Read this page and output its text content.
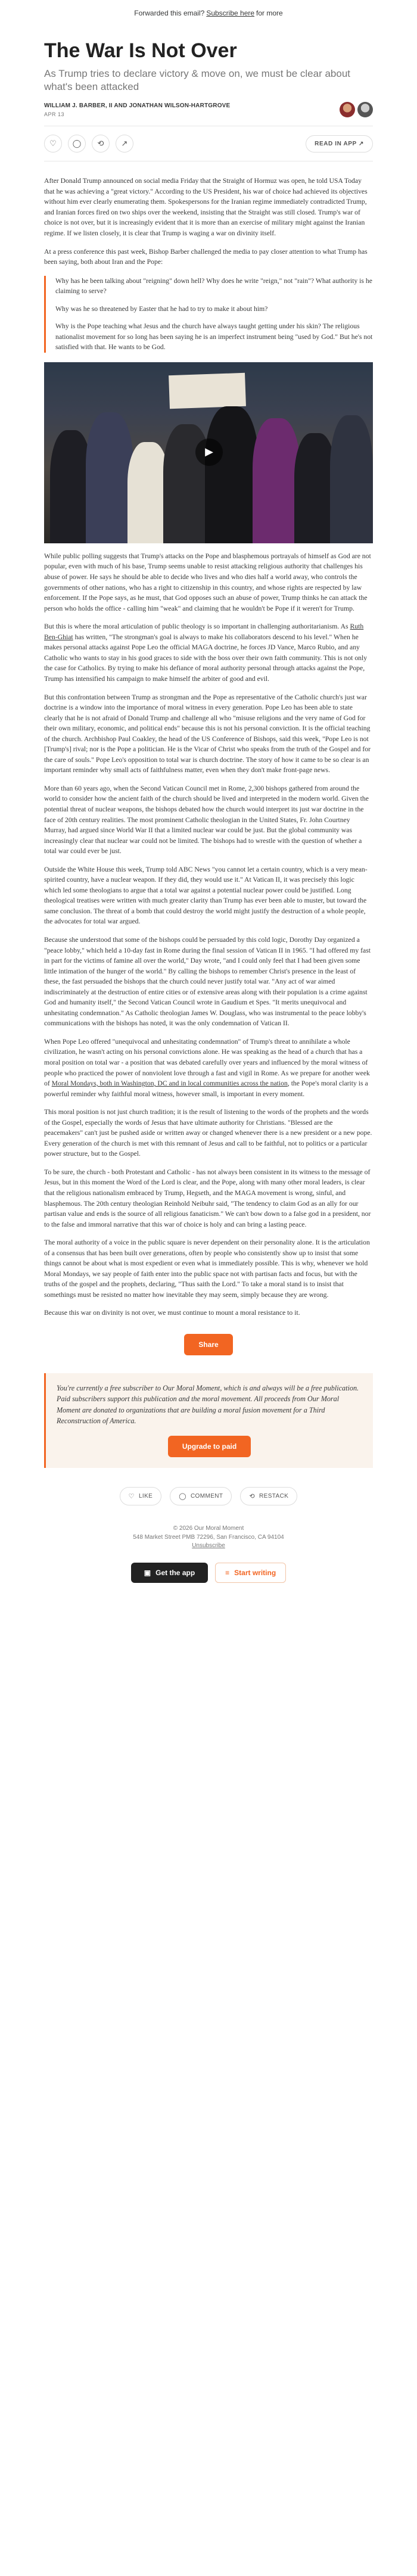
Forwarded this email? Subscribe here for more
The War Is Not Over
As Trump tries to declare victory & move on, we must be clear about what's been attacked
WILLIAM J. BARBER, II AND JONATHAN WILSON-HARTGROVE
APR 13
♡ ◯ ⟲ ↗	READ IN APP ↗

After Donald Trump announced on social media Friday that the Straight of Hormuz was open, he told USA Today that he was achieving a "great victory." According to the US President, his war of choice had achieved its objectives without him ever clearly enumerating them. Spokespersons for the Iranian regime immediately contradicted Trump, and Iranian forces fired on two ships over the weekend, insisting that the Straight was still closed. Trump's war of choice is not over, but it is increasingly evident that it is more than an exercise of military might against the Iranian regime. If we listen closely, it is clear that Trump is waging a war on divinity itself.

At a press conference this past week, Bishop Barber challenged the media to pay closer attention to what Trump has been saying, both about Iran and the Pope:

Why has he been talking about "reigning" down hell? Why does he write "reign," not "rain"? What authority is he claiming to serve?

Why was he so threatened by Easter that he had to try to make it about him?

Why is the Pope teaching what Jesus and the church have always taught getting under his skin? The religious nationalist movement for so long has been saying he is an imperfect instrument being "used by God." But he's not satisfied with that. He wants to be God.

▶

While public polling suggests that Trump's attacks on the Pope and blasphemous portrayals of himself as God are not popular, even with much of his base, Trump seems unable to resist attacking religious authority that challenges his abuse of power. He says he should be able to decide who lives and who dies half a world away, who controls the governments of other nations, who has a right to citizenship in this country, and whose rights are respected by law enforcement. If the Pope says, as he must, that God opposes such an abuse of power, Trump thinks he can attack the person who holds the office - calling him "weak" and claiming that he wouldn't be Pope if it weren't for Trump.

But this is where the moral articulation of public theology is so important in challenging authoritarianism. As Ruth Ben-Ghiat has written, "The strongman's goal is always to make his collaborators descend to his level." When he makes personal attacks against Pope Leo the official MAGA doctrine, he forces JD Vance, Marco Rubio, and any Catholic who wants to stay in his good graces to side with the boss over their own faith community. This is not only the case for Catholics. By trying to make his defiance of moral authority personal through attacks against the Pope, Trump has intensified his campaign to make himself the arbiter of good and evil.

But this confrontation between Trump as strongman and the Pope as representative of the Catholic church's just war doctrine is a window into the importance of moral witness in every generation. Pope Leo has been able to state clearly that he is not afraid of Donald Trump and challenge all who "misuse religions and the very name of God for their own military, economic, and political ends" because this is not his personal conviction. It is the official teaching of the church. Archbishop Paul Coakley, the head of the US Conference of Bishops, said this week, "Pope Leo is not [Trump's] rival; nor is the Pope a politician. He is the Vicar of Christ who speaks from the truth of the Gospel and for the care of souls." Pope Leo's opposition to total war is church doctrine. The story of how it came to be so clear is an important reminder why small acts of faithfulness matter, even when they don't make front-page news.

More than 60 years ago, when the Second Vatican Council met in Rome, 2,300 bishops gathered from around the world to consider how the ancient faith of the church should be lived and interpreted in the modern world. Given the potential threat of nuclear weapons, the bishops debated how the church would interpret its just war doctrine in the face of 20th century realities. The most prominent Catholic theologian in the United States, Fr. John Courtney Murray, had argued since World War II that a limited nuclear war could be just. But the global community was increasingly clear that nuclear war could not be limited. The bishops had to wrestle with the question of whether a total war could ever be just.

Outside the White House this week, Trump told ABC News "you cannot let a certain country, which is a very mean-spirited country, have a nuclear weapon. If they did, they would use it." At Vatican II, it was precisely this logic which led some theologians to argue that a total war against a potential nuclear power could be justified. Long theological treatises were written with much greater clarity than Trump has ever been able to muster, but toward the same conclusion. The threat of a bomb that could destroy the world might justify the destruction of a whole people, the advocates for total war argued.

Because she understood that some of the bishops could be persuaded by this cold logic, Dorothy Day organized a "peace lobby," which held a 10-day fast in Rome during the final session of Vatican II in 1965. "I had offered my fast in part for the victims of famine all over the world," Day wrote, "and I could only feel that I had been given some little intimation of the hunger of the world." By calling the bishops to remember Christ's presence in the least of these, the fast persuaded the bishops that the church could never justify total war. "Any act of war aimed indiscriminately at the destruction of entire cities or of extensive areas along with their population is a crime against God and humanity itself," the Second Vatican Council wrote in Gaudium et Spes. "It merits unequivocal and unhesitating condemnation." As Catholic theologian James W. Douglass, who was instrumental to the peace lobby's communications with the bishops has noted, it was the only condemnation of Vatican II.

When Pope Leo offered "unequivocal and unhesitating condemnation" of Trump's threat to annihilate a whole civilization, he wasn't acting on his personal convictions alone. He was speaking as the head of a church that has a moral position on total war - a position that was debated carefully over years and influenced by the moral witness of people who practiced the power of nonviolent love through a fast and vigil in Rome. As we prepare for another week of Moral Mondays, both in Washington, DC and in local communities across the nation, the Pope's moral clarity is a powerful reminder why faithful moral witness, however small, is important in every moment.

This moral position is not just church tradition; it is the result of listening to the words of the prophets and the words of the Gospel, especially the words of Jesus that have ultimate authority for Christians. "Blessed are the peacemakers" can't just be pushed aside or written away or changed whenever there is a new president or a new pope. Every generation of the church is met with this remnant of Jesus and call to be faithful, not to politics or a particular power structure, but to the Gospel.

To be sure, the church - both Protestant and Catholic - has not always been consistent in its witness to the message of Jesus, but in this moment the Word of the Lord is clear, and the Pope, along with many other moral leaders, is clear that the religious nationalism embraced by Trump, Hegseth, and the MAGA movement is wrong, sinful, and blasphemous. The 20th century theologian Reinhold Neibuhr said, "The tendency to claim God as an ally for our partisan value and ends is the source of all religious fanaticism." We can't bow down to a false god in a president, nor to the false and immoral narrative that this war of choice is holy and can bring a lasting peace.

The moral authority of a voice in the public square is never dependent on their personality alone. It is the articulation of a consensus that has been built over generations, often by people who consistently show up to insist that some things cannot be about what is most expedient or even what is immediately possible. This is why, whenever we hold Moral Mondays, we say people of faith enter into the public space not with partisan facts and focus, but with the truths of the gospel and the prophets, declaring, "Thus saith the Lord." To take a moral stand is to insist that somethings must be resisted no matter how inevitable they may seem, simply because they are wrong.

Because this war on divinity is not over, we must continue to mount a moral resistance to it.

Share

You're currently a free subscriber to Our Moral Moment, which is and always will be a free publication. Paid subscribers support this publication and the moral movement. All proceeds from Our Moral Moment are donated to organizations that are building a moral fusion movement for a Third Reconstruction of America.

Upgrade to paid
♡ LIKE	◯ COMMENT	⟲ RESTACK
© 2026 Our Moral Moment
548 Market Street PMB 72296, San Francisco, CA 94104
Unsubscribe
▣ Get the app	≡ Start writing
